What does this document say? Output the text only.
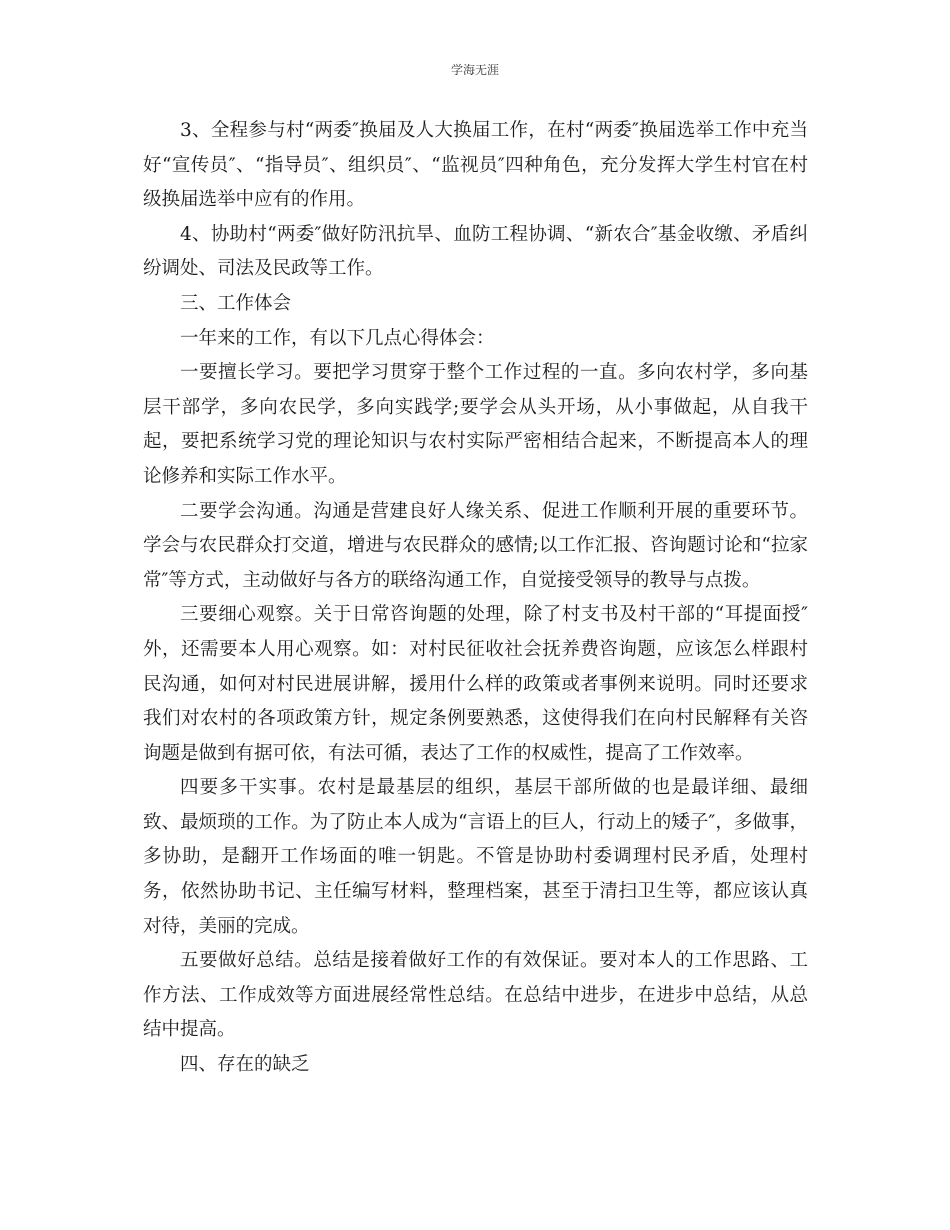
学海无涯

3、全程参与村“两委″换届及人大换届工作，在村“两委″换届选举工作中充当好“宣传员″、“指导员″、组织员″、“监视员″四种角色，充分发挥大学生村官在村级换届选举中应有的作用。

4、协助村“两委″做好防汛抗旱、血防工程协调、“新农合″基金收缴、矛盾纠纷调处、司法及民政等工作。

三、工作体会

一年来的工作，有以下几点心得体会：

一要擅长学习。要把学习贯穿于整个工作过程的一直。多向农村学，多向基层干部学，多向农民学，多向实践学;要学会从头开场，从小事做起，从自我干起，要把系统学习党的理论知识与农村实际严密相结合起来，不断提高本人的理论修养和实际工作水平。

二要学会沟通。沟通是营建良好人缘关系、促进工作顺利开展的重要环节。学会与农民群众打交道，增进与农民群众的感情;以工作汇报、咨询题讨论和“拉家常″等方式，主动做好与各方的联络沟通工作，自觉接受领导的教导与点拨。

三要细心观察。关于日常咨询题的处理，除了村支书及村干部的“耳提面授″外，还需要本人用心观察。如：对村民征收社会抚养费咨询题，应该怎么样跟村民沟通，如何对村民进展讲解，援用什么样的政策或者事例来说明。同时还要求我们对农村的各项政策方针，规定条例要熟悉，这使得我们在向村民解释有关咨询题是做到有据可依，有法可循，表达了工作的权威性，提高了工作效率。

四要多干实事。农村是最基层的组织，基层干部所做的也是最详细、最细致、最烦琐的工作。为了防止本人成为“言语上的巨人，行动上的矮子″，多做事，多协助，是翻开工作场面的唯一钥匙。不管是协助村委调理村民矛盾，处理村务，依然协助书记、主任编写材料，整理档案，甚至于清扫卫生等，都应该认真对待，美丽的完成。

五要做好总结。总结是接着做好工作的有效保证。要对本人的工作思路、工作方法、工作成效等方面进展经常性总结。在总结中进步，在进步中总结，从总结中提高。

四、存在的缺乏
